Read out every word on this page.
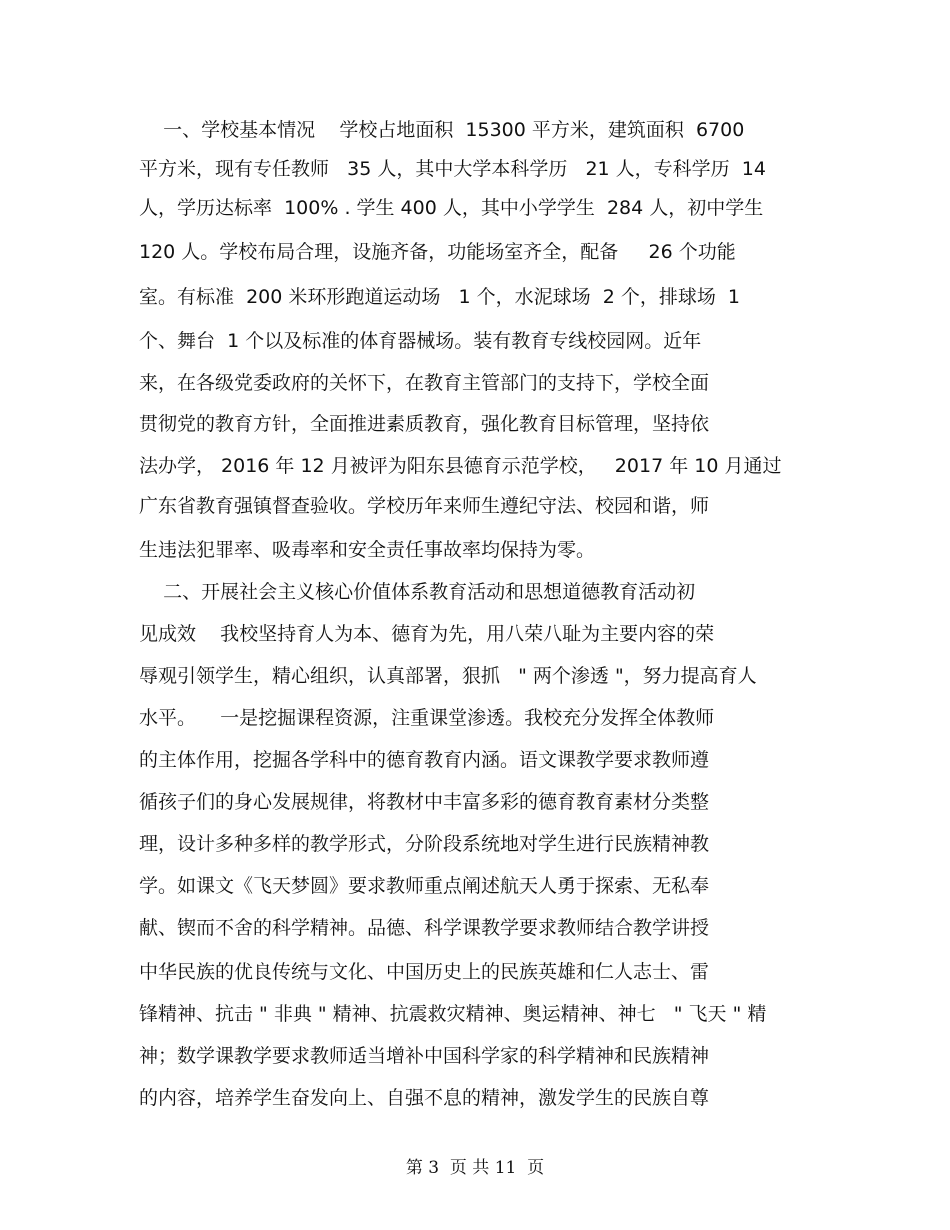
一、学校基本情况    学校占地面积  15300 平方米，建筑面积  6700
平方米，现有专任教师   35 人，其中大学本科学历   21 人，专科学历  14
人，学历达标率  100% . 学生 400 人，其中小学学生  284 人，初中学生
120 人。学校布局合理，设施齐备，功能场室齐全，配备     26 个功能
室。有标准  200 米环形跑道运动场   1 个，水泥球场  2 个，排球场  1
个、舞台  1 个以及标准的体育器械场。装有教育专线校园网。近年
来，在各级党委政府的关怀下，在教育主管部门的支持下，学校全面
贯彻党的教育方针，全面推进素质教育，强化教育目标管理，坚持依
法办学， 2016 年 12 月被评为阳东县德育示范学校，   2017 年 10 月通过
广东省教育强镇督查验收。学校历年来师生遵纪守法、校园和谐，师
生违法犯罪率、吸毒率和安全责任事故率均保持为零。
二、开展社会主义核心价值体系教育活动和思想道德教育活动初
见成效    我校坚持育人为本、德育为先，用八荣八耻为主要内容的荣
辱观引领学生，精心组织，认真部署，狠抓   " 两个渗透 "，努力提高育人
水平。    一是挖掘课程资源，注重课堂渗透。我校充分发挥全体教师
的主体作用，挖掘各学科中的德育教育内涵。语文课教学要求教师遵
循孩子们的身心发展规律，将教材中丰富多彩的德育教育素材分类整
理，设计多种多样的教学形式，分阶段系统地对学生进行民族精神教
学。如课文《飞天梦圆》要求教师重点阐述航天人勇于探索、无私奉
献、锲而不舍的科学精神。品德、科学课教学要求教师结合教学讲授
中华民族的优良传统与文化、中国历史上的民族英雄和仁人志士、雷
锋精神、抗击 " 非典 " 精神、抗震救灾精神、奥运精神、神七   " 飞天 " 精
神；数学课教学要求教师适当增补中国科学家的科学精神和民族精神
的内容，培养学生奋发向上、自强不息的精神，激发学生的民族自尊
第 3  页 共 11  页
